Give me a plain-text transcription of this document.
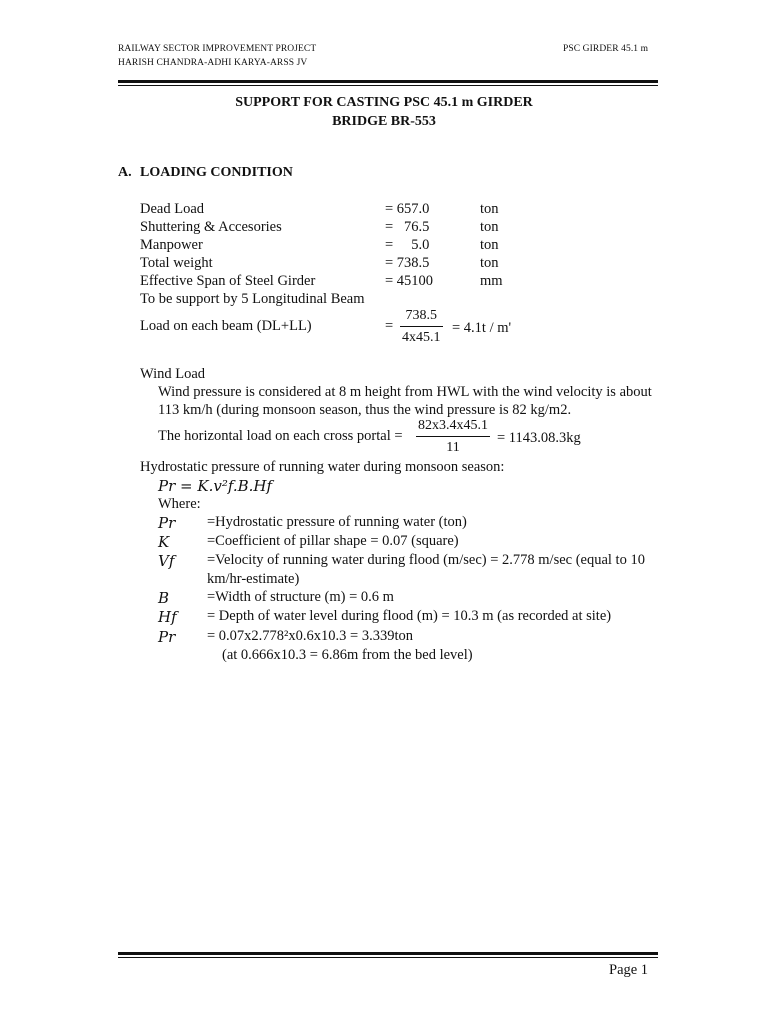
RAILWAY SECTOR IMPROVEMENT PROJECT
HARISH CHANDRA-ADHI KARYA-ARSS JV
PSC GIRDER 45.1 m
SUPPORT FOR CASTING PSC 45.1 m GIRDER
BRIDGE BR-553
A. LOADING CONDITION
Dead Load	= 657.0	ton
Shuttering & Accesories	=   76.5	ton
Manpower	=     5.0	ton
Total weight	= 738.5	ton
Effective Span of Steel Girder	= 45100	mm
To be support by 5 Longitudinal Beam
Load on each beam (DL+LL)	=
738.5
4x45.1
= 4.1t / m'
Wind Load
Wind pressure is considered at 8 m height from HWL with the wind velocity is about
113 km/h (during monsoon season, thus the wind pressure is 82 kg/m2.
The horizontal load on each cross portal =
82x3.4x45.1
11
= 1143.08.3kg
Hydrostatic pressure of running water during monsoon season:
Pr = K.v²f.B.Hf
Where:
Pr =Hydrostatic pressure of running water (ton)
K	=Coefficient of pillar shape = 0.07 (square)
Vf =Velocity of running water during flood (m/sec) = 2.778 m/sec (equal to 10
km/hr-estimate)
B	=Width of structure (m) = 0.6 m
Hf = Depth of water level during flood (m) = 10.3 m (as recorded at site)
Pr = 0.07x2.778²x0.6x10.3 = 3.339ton
(at 0.666x10.3 = 6.86m from the bed level)
Page 1
